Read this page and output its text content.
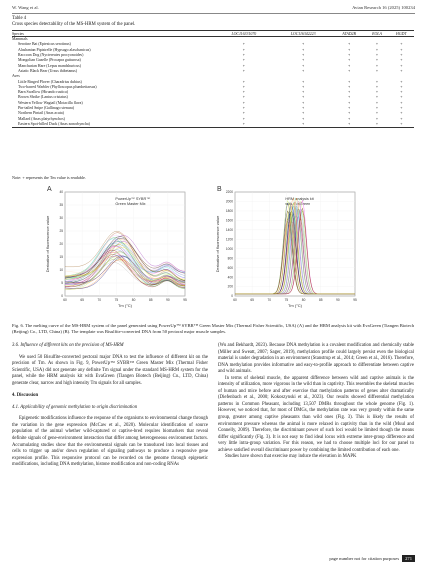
W. Wang et al.	Avian Research 16 (2025) 100234
Table 4
Cross species detectability of the MS-HRM system of the panel.
Species	LOC116331070	LOC116342223	ATAD2B	EOLA	HGDT
Mammals					
Serotine Bat (Eptesicus serotinus)	+	+	+	+	+
Alashanian Pipistrelle (Hypsugo alaschanicus)	+	+	+	+	+
Raccoon Dog (Nyctereutes procyonoides)	+	+	+	+	+
Mongolian Gazelle (Procapra gutturosa)	+	+	+	+	+
Manchurian Hare (Lepus mandshuricus)	+	+	+	+	+
Asiatic Black Bear (Ursus thibetanus)	+	+	+	+	+
Aves					
Little Ringed Plover (Charadrius dubius)	+	+	+	+	+
Two-barred Warbler (Phylloscopus plumbeitarsus)	+	+	+	+	+
Barn Swallow (Hirundo rustica)	+	+	+	+	+
Brown Shrike (Lanius cristatus)	+	+	+	+	+
Western Yellow Wagtail (Motacilla flava)	+	+	+	+	+
Pin-tailed Snipe (Gallinago stenura)	+	+	+	+	+
Northern Pintail (Anas acuta)	+	+	+	+	+
Mallard (Anas platyrhynchos)	+	+	+	+	+
Eastern Spot-billed Duck (Anas zonorhyncha)	+	+	+	+	+
Note: + represents the Tm value is readable.
A
0
5
10
15
20
25
30
35
40
60	65	70	75	80	85	90	95
Tm (°C)
Derivative of fluorescence value
PowerUp™ SYBR™
Green Master Mix
B
0
200
400
600
800
1000
1200
1400
1600
1800
2000
2200
60	65	70	75	80	85	90	95
Tm (°C)
Derivative of fluorescence value
HRM analysis kit
with EvaGreen
Fig. 6. The melting curve of the MS-HRM system of the panel generated using PowerUp™ SYBR™ Green Master Mix (Thermal Fisher Scientific, USA) (A) and the HRM analysis kit with EvaGreen (Tiangen Biotech (Beijing) Co., LTD, China) (B). The template was Bisulfite-converted DNA from 50 pectoral major muscle samples.

3.6. Influence of different kits on the precision of MS-HRM

We used 50 Bisulfite-converted pectoral major DNA to test the influence of different kit on the precision of Tm. As shown in Fig. 9, PowerUp™ SYBR™ Green Master Mix (Thermal Fisher Scientific, USA) did not generate any definite Tm signal under the standard MS-HRM system for the panel, while the HRM analysis kit with EvaGreen (Tiangen Biotech (Beijing) Co., LTD, China) generate clear, narrow and high intensity Tm signals for all samples.

4. Discussion

4.1. Applicability of genomic methylation to origin discrimination

Epigenetic modifications influence the response of the organisms to environmental change through the variation in the gene expression (McCaw et al., 2020). Molecular identification of source population of the animal whether wild-captured or captive-bred requires biomarkers that reveal definite signals of gene-environment interaction that differ among heterogeneous environment factors. Accumulating studies show that the environmental signals can be transduced into local tissues and cells to trigger up and/or down regulation of signaling pathways to produce a responsive gene expression profile. This responsive protocol can be recorded on the genome through epigenetic modifications, including DNA methylation, histone modification and non-coding RNAs

(Wu and Bekhardt, 2023). Because DNA methylation is a covalent modification and chemically stable (Miller and Sweatt, 2007; Sager, 2019), methylation profile could largely persist even the biological material is under degradation in an environment (Stanstrup et al., 2014; Green et al., 2016). Therefore, DNA methylation provides informative and easy-to-profile approach to differentiate between captive and wild animals.

In terms of skeletal muscle, the apparent difference between wild and captive animals is the intensity of utilization, more vigorous in the wild than in captivity. This resembles the skeletal muscles of human and mice before and after exercise that methylation patterns of genes alter dramatically (Diefenbach et al., 2000; Kokoszynski et al., 2023). Our results showed differential methylation patterns in Common Pheasant, including 13,507 DMRs throughout the whole genome (Fig. 1). However, we noticed that, for most of DMGs, the methylation rate was very greatly within the same group, greater among captive pheasants than wild ones (Fig. 3). This is likely the results of environment pressure whereas the animal is more relaxed in captivity than in the wild (Muul and Connelly, 2009). Therefore, the discriminant power of such loci would be limited though the means differ significantly (Fig. 3). It is not easy to find ideal locus with extreme inter-group difference and very little intra-group variation. For this reason, we had to choose multiple loci for our panel to achieve satisfied overall discriminant power by combining the limited contribution of each one.

Studies have shown that exercise may induce the elevation in MAPK

page number not for citation purposes 271
